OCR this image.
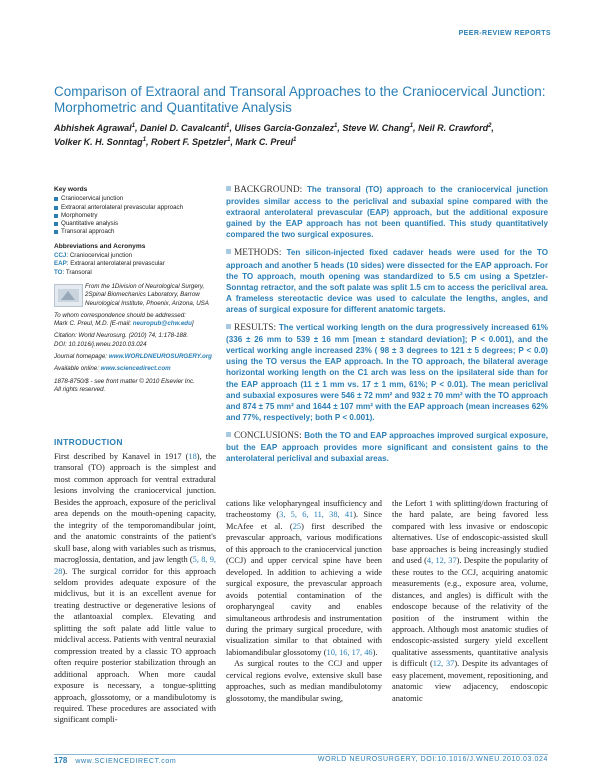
PEER-REVIEW REPORTS
Comparison of Extraoral and Transoral Approaches to the Craniocervical Junction: Morphometric and Quantitative Analysis
Abhishek Agrawal$^1$, Daniel D. Cavalcanti$^1$, Ulises Garcia-Gonzalez$^1$, Steve W. Chang$^1$, Neil R. Crawford$^2$,
Volker K. H. Sonntag$^1$, Robert F. Spetzler$^1$, Mark C. Preul$^1$
Key words
Craniocervical junction
Extraoral anterolateral prevascular approach
Morphometry
Quantitative analysis
Transoral approach
Abbreviations and Acronyms
CCJ: Craniocervical junction
EAP: Extraoral anterolateral prevascular
TO: Transoral
From the 1Division of Neurological Surgery, 2Spinal Biomechanics Laboratory, Barrow Neurological Institute, Phoenix, Arizona, USA
To whom correspondence should be addressed:
Mark C. Preul, M.D. [E-mail: neuropub@chw.edu]
Citation: World Neurosurg. (2010) 74, 1:178-188.
DOI: 10.1016/j.wneu.2010.03.024
Journal homepage: www.WORLDNEUROSURGERY.org
Available online: www.sciencedirect.com
1878-8750/$ - see front matter © 2010 Elsevier Inc.
All rights reserved.

BACKGROUND: The transoral (TO) approach to the craniocervical junction provides similar access to the periclival and subaxial spine compared with the extraoral anterolateral prevascular (EAP) approach, but the additional exposure gained by the EAP approach has not been quantified. This study quantitatively compared the two surgical exposures.

METHODS: Ten silicon-injected fixed cadaver heads were used for the TO approach and another 5 heads (10 sides) were dissected for the EAP approach. For the TO approach, mouth opening was standardized to 5.5 cm using a Spetzler-Sonntag retractor, and the soft palate was split 1.5 cm to access the periclival area. A frameless stereotactic device was used to calculate the lengths, angles, and areas of surgical exposure for different anatomic targets.

RESULTS: The vertical working length on the dura progressively increased 61% (336 ± 26 mm to 539 ± 16 mm [mean ± standard deviation]; P < 0.001), and the vertical working angle increased 23% ( 98 ± 3 degrees to 121 ± 5 degrees; P < 0.0) using the TO versus the EAP approach. In the TO approach, the bilateral average horizontal working length on the C1 arch was less on the ipsilateral side than for the EAP approach (11 ± 1 mm vs. 17 ± 1 mm, 61%; P < 0.01). The mean periclival and subaxial exposures were 546 ± 72 mm² and 932 ± 70 mm² with the TO approach and 874 ± 75 mm² and 1644 ± 107 mm² with the EAP approach (mean increases 62% and 77%, respectively; both P < 0.001).

CONCLUSIONS: Both the TO and EAP approaches improved surgical exposure, but the EAP approach provides more significant and consistent gains to the anterolateral periclival and subaxial areas.

INTRODUCTION

First described by Kanavel in 1917 (18), the transoral (TO) approach is the simplest and most common approach for ventral extradural lesions involving the craniocervical junction. Besides the approach, exposure of the periclival area depends on the mouth-opening capacity, the integrity of the temporomandibular joint, and the anatomic constraints of the patient's skull base, along with variables such as trismus, macroglossia, dentation, and jaw length (5, 8, 9, 28). The surgical corridor for this approach seldom provides adequate exposure of the midclivus, but it is an excellent avenue for treating destructive or degenerative lesions of the atlantoaxial complex. Elevating and splitting the soft palate add little value to midclival access. Patients with ventral neuraxial compression treated by a classic TO approach often require posterior stabilization through an additional approach. When more caudal exposure is necessary, a tongue-splitting approach, glossotomy, or a mandibulotomy is required. These procedures are associated with significant compli-

cations like velopharyngeal insufficiency and tracheostomy (3, 5, 6, 11, 38, 41). Since McAfee et al. (25) first described the prevascular approach, various modifications of this approach to the craniocervical junction (CCJ) and upper cervical spine have been developed. In addition to achieving a wide surgical exposure, the prevascular approach avoids potential contamination of the oropharyngeal cavity and enables simultaneous arthrodesis and instrumentation during the primary surgical procedure, with visualization similar to that obtained with labiomandibular glossotomy (10, 16, 17, 46).

As surgical routes to the CCJ and upper cervical regions evolve, extensive skull base approaches, such as median mandibulotomy glossotomy, the mandibular swing,

the Lefort 1 with splitting/down fracturing of the hard palate, are being favored less compared with less invasive or endoscopic alternatives. Use of endoscopic-assisted skull base approaches is being increasingly studied and used (4, 12, 37). Despite the popularity of these routes to the CCJ, acquiring anatomic measurements (e.g., exposure area, volume, distances, and angles) is difficult with the endoscope because of the relativity of the position of the instrument within the approach. Although most anatomic studies of endoscopic-assisted surgery yield excellent qualitative assessments, quantitative analysis is difficult (12, 37). Despite its advantages of easy placement, movement, repositioning, and anatomic view adjacency, endoscopic anatomic

178 www.SCIENCEDIRECT.com	WORLD NEUROSURGERY, DOI:10.1016/J.WNEU.2010.03.024
